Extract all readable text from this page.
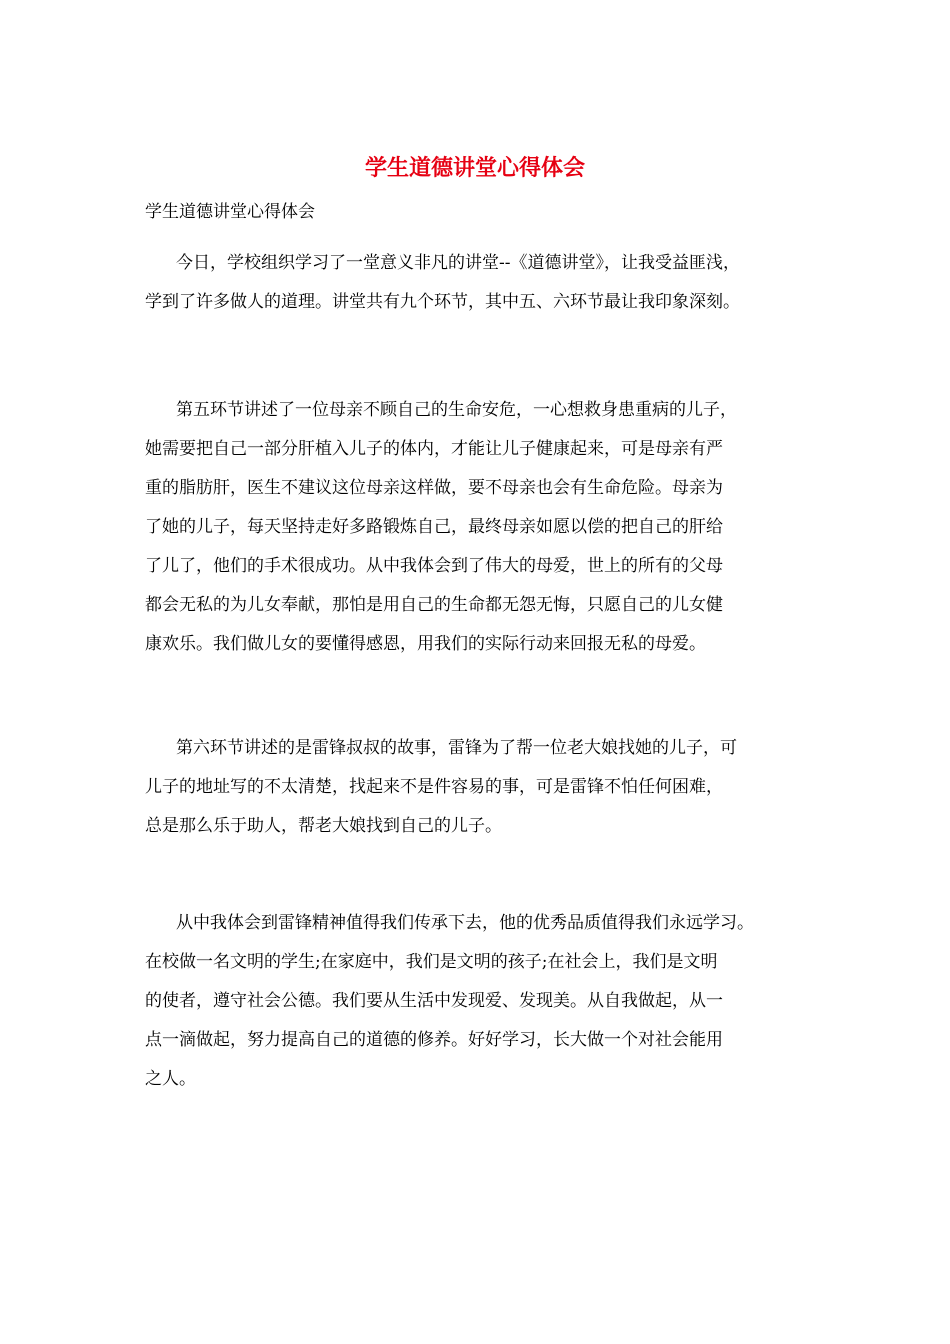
学生道德讲堂心得体会
学生道德讲堂心得体会
今日，学校组织学习了一堂意义非凡的讲堂--《道德讲堂》，让我受益匪浅，
学到了许多做人的道理。讲堂共有九个环节，其中五、六环节最让我印象深刻。
第五环节讲述了一位母亲不顾自己的生命安危，一心想救身患重病的儿子，
她需要把自己一部分肝植入儿子的体内，才能让儿子健康起来，可是母亲有严
重的脂肪肝，医生不建议这位母亲这样做，要不母亲也会有生命危险。母亲为
了她的儿子，每天坚持走好多路锻炼自己，最终母亲如愿以偿的把自己的肝给
了儿了，他们的手术很成功。从中我体会到了伟大的母爱，世上的所有的父母
都会无私的为儿女奉献，那怕是用自己的生命都无怨无悔，只愿自己的儿女健
康欢乐。我们做儿女的要懂得感恩，用我们的实际行动来回报无私的母爱。
第六环节讲述的是雷锋叔叔的故事，雷锋为了帮一位老大娘找她的儿子，可
儿子的地址写的不太清楚，找起来不是件容易的事，可是雷锋不怕任何困难，
总是那么乐于助人，帮老大娘找到自己的儿子。
从中我体会到雷锋精神值得我们传承下去，他的优秀品质值得我们永远学习。
在校做一名文明的学生;在家庭中，我们是文明的孩子;在社会上，我们是文明
的使者，遵守社会公德。我们要从生活中发现爱、发现美。从自我做起，从一
点一滴做起，努力提高自己的道德的修养。好好学习，长大做一个对社会能用
之人。
